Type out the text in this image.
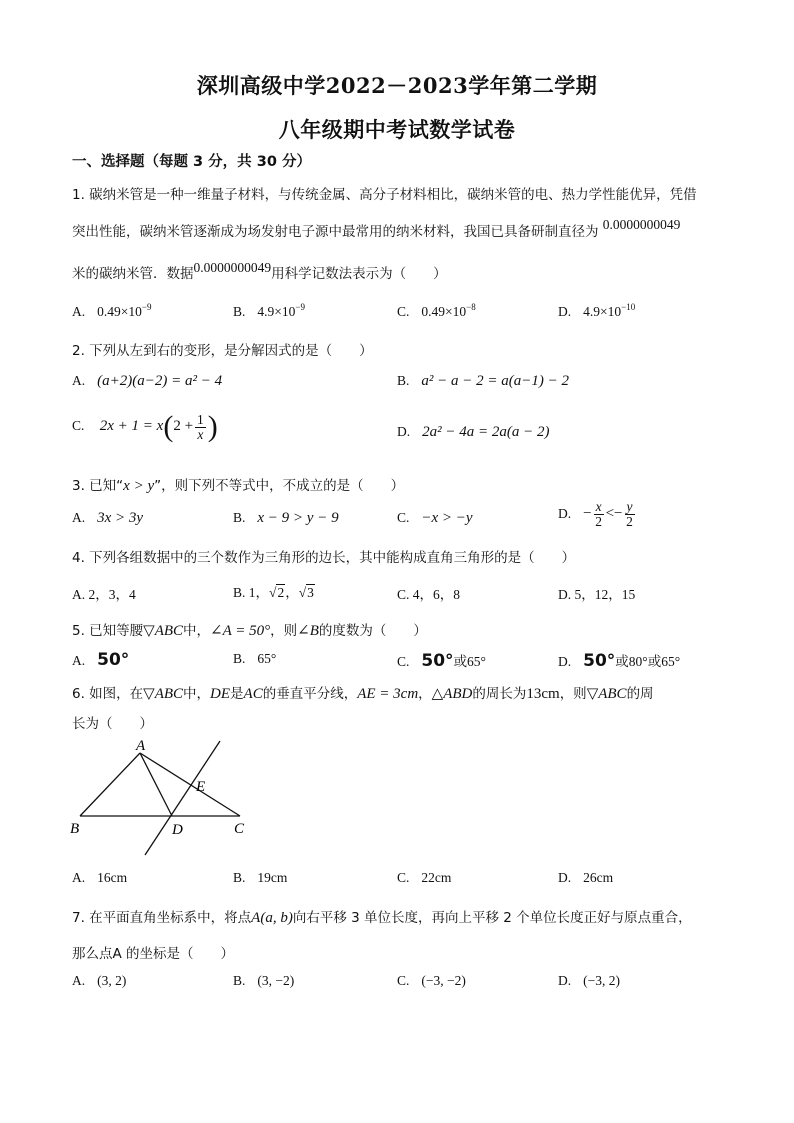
深圳高级中学2022－2023学年第二学期
八年级期中考试数学试卷
一、选择题（每题 3 分，共 30 分）
1. 碳纳米管是一种一维量子材料，与传统金属、高分子材料相比，碳纳米管的电、热力学性能优异，凭借
突出性能，碳纳米管逐渐成为场发射电子源中最常用的纳米材料，我国已具备研制直径为 0.0000000049
米的碳纳米管．数据0.0000000049用科学记数法表示为（　　）
A. $0.49\times 10^{-9}$	B. $4.9\times 10^{-9}$	C. $0.49\times 10^{-8}$	D. $4.9\times 10^{-10}$
2. 下列从左到右的变形，是分解因式的是（　　）
A. (a+2)(a−2) = a² − 4	B. a² − a − 2 = a(a−1) − 2
C. $2x + 1 = x(2 + \frac{1}{x}$ )	D. 2a² − 4a = 2a(a − 2)
3. 已知“x > y”，则下列不等式中，不成立的是（　　）
A. 3x > 3y	B. x − 9 > y − 9	C. −x > −y	D. − $\frac{x}{2} <- \frac{y}{2}$
4. 下列各组数据中的三个数作为三角形的边长，其中能构成直角三角形的是（　　）
A. 2，3，4	B. 1，√2，√3	C. 4，6，8	D. 5，12，15
5. 已知等腰▽ABC中，∠A = 50°，则∠B的度数为（　　）
A. 50°	B. 65°	C. 50°或65°	D. 50°或80°或65°
6. 如图，在▽ABC中，DE是AC的垂直平分线，AE = 3cm，△ABD的周长为13cm，则▽ABC的周
长为（　　）
A
B	C
D
E
A. 16cm	B. 19cm	C. 22cm	D. 26cm
7. 在平面直角坐标系中，将点A(a, b)向右平移 3 单位长度，再向上平移 2 个单位长度正好与原点重合，
那么点A 的坐标是（　　）
A. (3, 2)	B. (3, −2)	C. (−3, −2)	D. (−3, 2)
